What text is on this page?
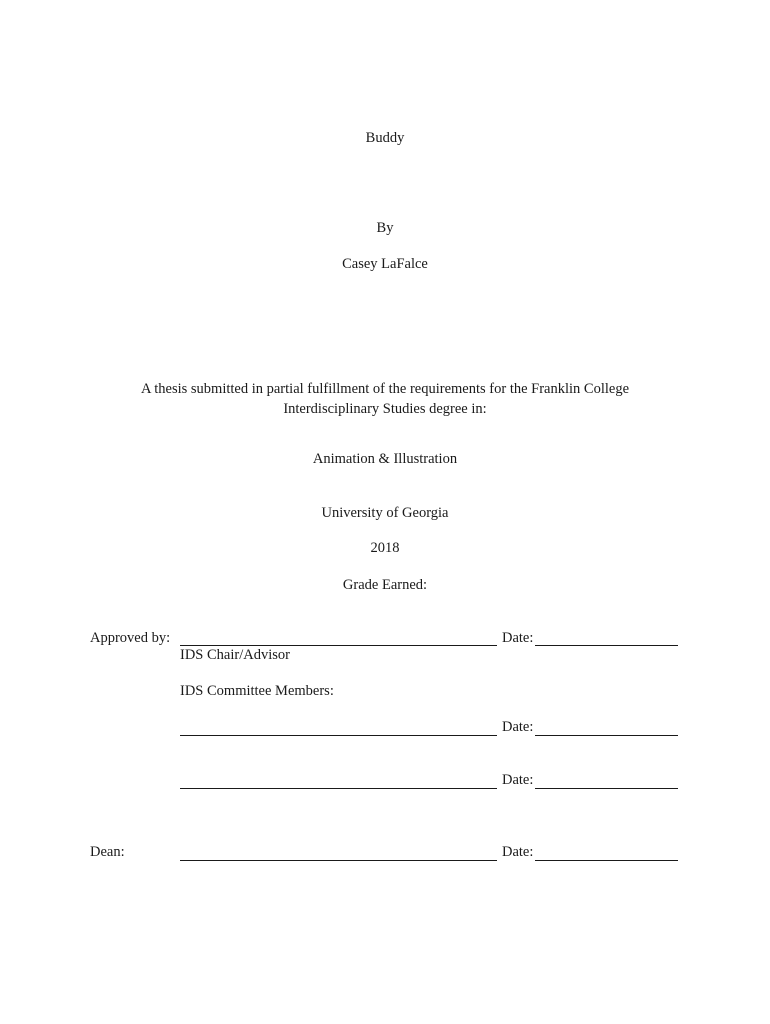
Buddy
By
Casey LaFalce
A thesis submitted in partial fulfillment of the requirements for the Franklin College
Interdisciplinary Studies degree in:
Animation & Illustration
University of Georgia
2018
Grade Earned:
Approved by:	Date:
IDS Chair/Advisor
IDS Committee Members:
Date:
Date:
Dean:	Date:
